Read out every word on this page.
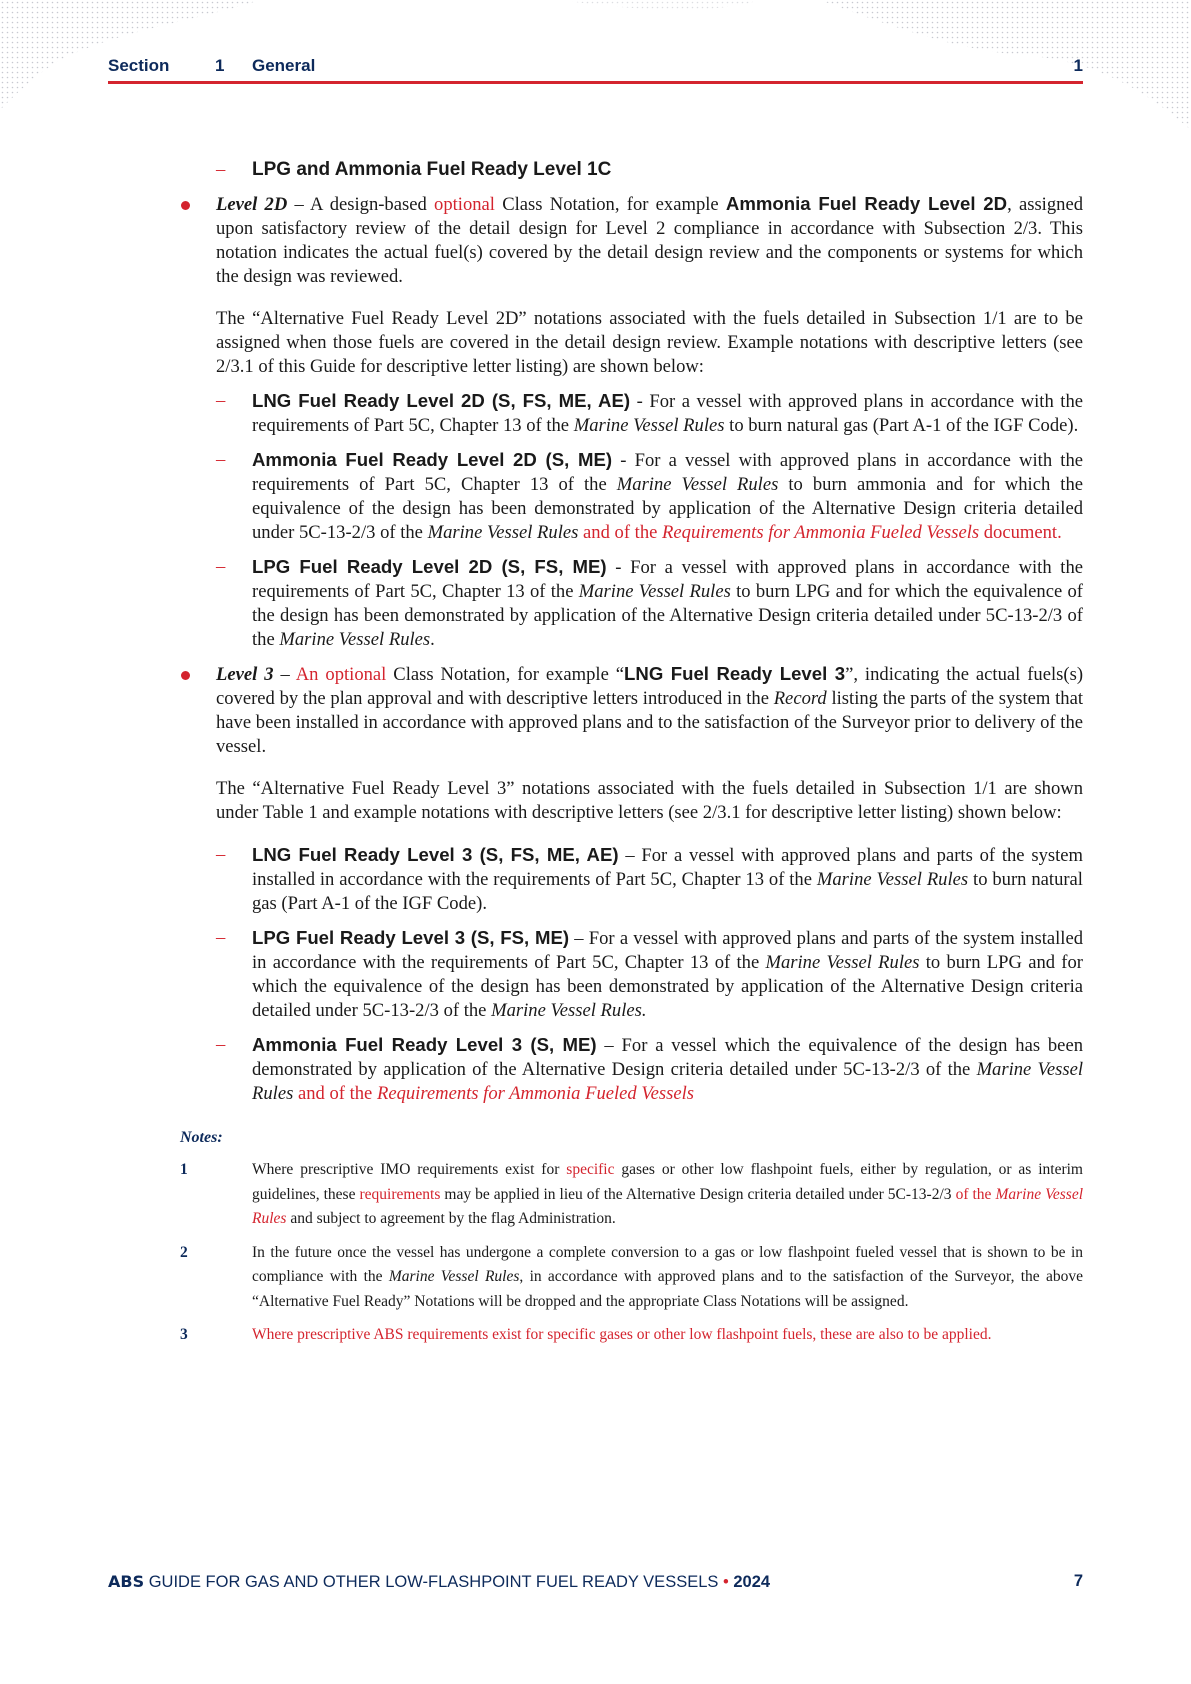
Section	1 General	1
– LPG and Ammonia Fuel Ready Level 1C
Level 2D – A design-based optional Class Notation, for example Ammonia Fuel Ready Level 2D, assigned upon satisfactory review of the detail design for Level 2 compliance in accordance with Subsection 2/3. This notation indicates the actual fuel(s) covered by the detail design review and the components or systems for which the design was reviewed.
The “Alternative Fuel Ready Level 2D” notations associated with the fuels detailed in Subsection 1/1 are to be assigned when those fuels are covered in the detail design review. Example notations with descriptive letters (see 2/3.1 of this Guide for descriptive letter listing) are shown below:
– LNG Fuel Ready Level 2D (S, FS, ME, AE) - For a vessel with approved plans in accordance with the requirements of Part 5C, Chapter 13 of the Marine Vessel Rules to burn natural gas (Part A-1 of the IGF Code).
– Ammonia Fuel Ready Level 2D (S, ME) - For a vessel with approved plans in accordance with the requirements of Part 5C, Chapter 13 of the Marine Vessel Rules to burn ammonia and for which the equivalence of the design has been demonstrated by application of the Alternative Design criteria detailed under 5C-13-2/3 of the Marine Vessel Rules and of the Requirements for Ammonia Fueled Vessels document.
– LPG Fuel Ready Level 2D (S, FS, ME) - For a vessel with approved plans in accordance with the requirements of Part 5C, Chapter 13 of the Marine Vessel Rules to burn LPG and for which the equivalence of the design has been demonstrated by application of the Alternative Design criteria detailed under 5C-13-2/3 of the Marine Vessel Rules.
Level 3 – An optional Class Notation, for example “LNG Fuel Ready Level 3”, indicating the actual fuels(s) covered by the plan approval and with descriptive letters introduced in the Record listing the parts of the system that have been installed in accordance with approved plans and to the satisfaction of the Surveyor prior to delivery of the vessel.
The “Alternative Fuel Ready Level 3” notations associated with the fuels detailed in Subsection 1/1 are shown under Table 1 and example notations with descriptive letters (see 2/3.1 for descriptive letter listing) shown below:
– LNG Fuel Ready Level 3 (S, FS, ME, AE) – For a vessel with approved plans and parts of the system installed in accordance with the requirements of Part 5C, Chapter 13 of the Marine Vessel Rules to burn natural gas (Part A-1 of the IGF Code).
– LPG Fuel Ready Level 3 (S, FS, ME) – For a vessel with approved plans and parts of the system installed in accordance with the requirements of Part 5C, Chapter 13 of the Marine Vessel Rules to burn LPG and for which the equivalence of the design has been demonstrated by application of the Alternative Design criteria detailed under 5C-13-2/3 of the Marine Vessel Rules.
– Ammonia Fuel Ready Level 3 (S, ME) – For a vessel which the equivalence of the design has been demonstrated by application of the Alternative Design criteria detailed under 5C-13-2/3 of the Marine Vessel Rules and of the Requirements for Ammonia Fueled Vessels
Notes:
1	Where prescriptive IMO requirements exist for specific gases or other low flashpoint fuels, either by regulation, or as interim guidelines, these requirements may be applied in lieu of the Alternative Design criteria detailed under 5C-13-2/3 of the Marine Vessel Rules and subject to agreement by the flag Administration.
2	In the future once the vessel has undergone a complete conversion to a gas or low flashpoint fueled vessel that is shown to be in compliance with the Marine Vessel Rules, in accordance with approved plans and to the satisfaction of the Surveyor, the above “Alternative Fuel Ready” Notations will be dropped and the appropriate Class Notations will be assigned.
3	Where prescriptive ABS requirements exist for specific gases or other low flashpoint fuels, these are also to be applied.
ABS GUIDE FOR GAS AND OTHER LOW-FLASHPOINT FUEL READY VESSELS • 2024	7
